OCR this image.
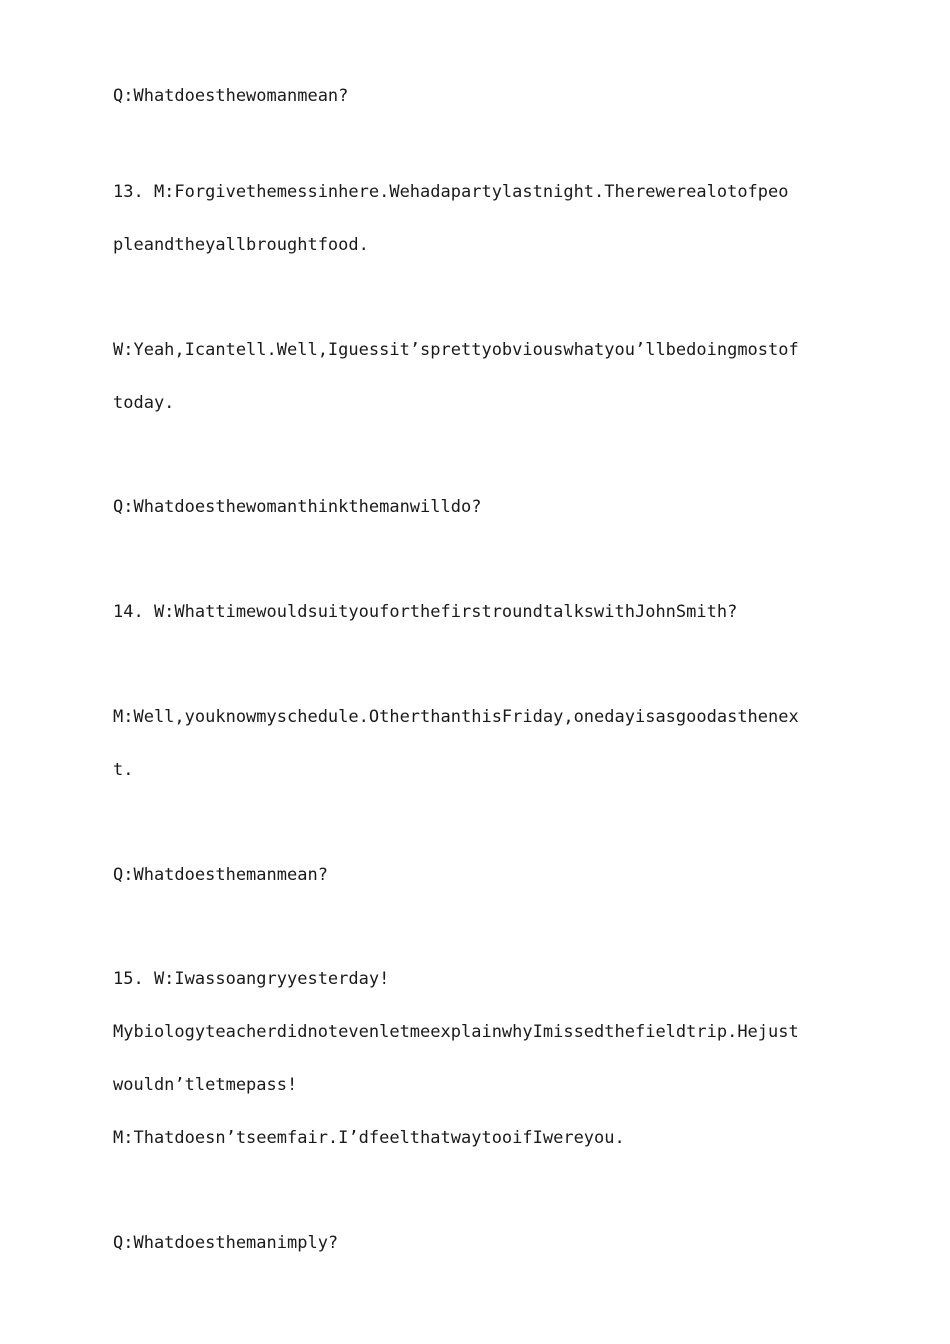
Q:Whatdoesthewomanmean?
13. M:Forgivethemessinhere.Wehadapartylastnight.Therewerealotofpeo
pleandtheyallbroughtfood.
W:Yeah,Icantell.Well,Iguessit’sprettyobviouswhatyou’llbedoingmostof
today.
Q:Whatdoesthewomanthinkthemanwilldo?
14. W:WhattimewouldsuityouforthefirstroundtalkswithJohnSmith?
M:Well,youknowmyschedule.OtherthanthisFriday,onedayisasgoodasthenex
t.
Q:Whatdoesthemanmean?
15. W:Iwassoangryyesterday!
MybiologyteacherdidnotevenletmeexplainwhyImissedthefieldtrip.Hejust
wouldn’tletmepass!
M:Thatdoesn’tseemfair.I’dfeelthatwaytooifIwereyou.
Q:Whatdoesthemanimply?
